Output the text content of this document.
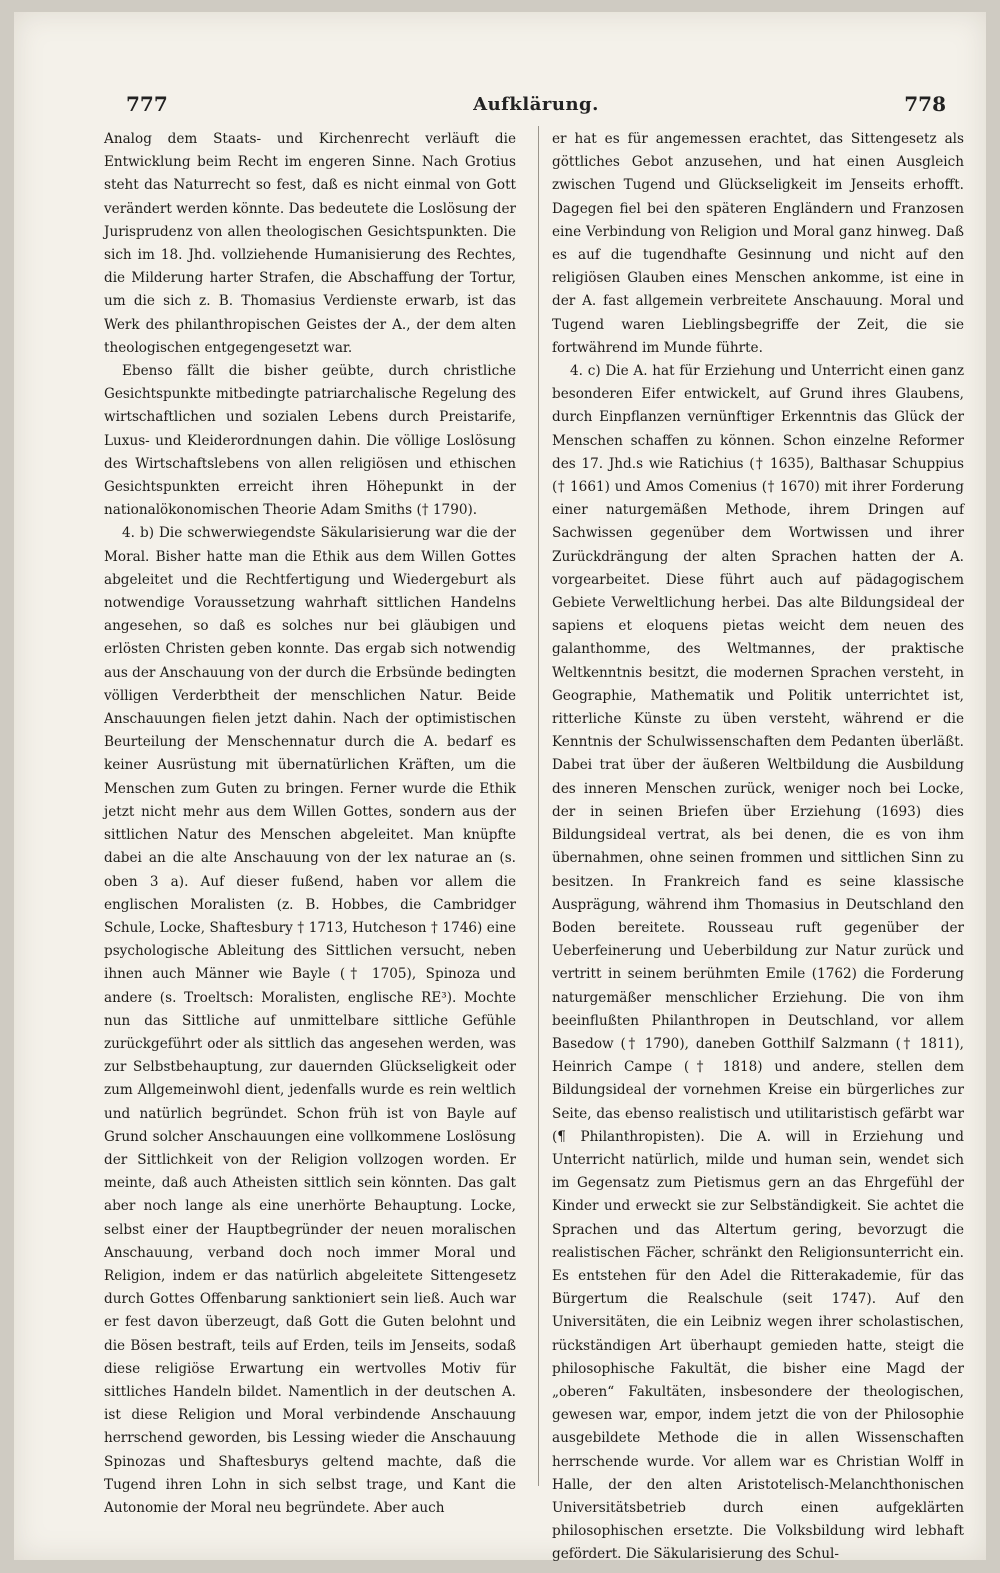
777	Aufklärung.	778

Analog dem Staats- und Kirchenrecht verläuft die Entwicklung beim Recht im engeren Sinne. Nach Grotius steht das Naturrecht so fest, daß es nicht einmal von Gott verändert werden könnte. Das bedeutete die Loslösung der Jurisprudenz von allen theologischen Gesichtspunkten. Die sich im 18. Jhd. vollziehende Humanisierung des Rechtes, die Milderung harter Strafen, die Abschaffung der Tortur, um die sich z. B. Thomasius Verdienste erwarb, ist das Werk des philanthropischen Geistes der A., der dem alten theologischen entgegengesetzt war.

Ebenso fällt die bisher geübte, durch christliche Gesichtspunkte mitbedingte patriarchalische Regelung des wirtschaftlichen und sozialen Lebens durch Preistarife, Luxus- und Kleiderordnungen dahin. Die völlige Loslösung des Wirtschaftslebens von allen religiösen und ethischen Gesichtspunkten erreicht ihren Höhepunkt in der nationalökonomischen Theorie Adam Smiths († 1790).

4. b) Die schwerwiegendste Säkularisierung war die der Moral. Bisher hatte man die Ethik aus dem Willen Gottes abgeleitet und die Rechtfertigung und Wiedergeburt als notwendige Voraussetzung wahrhaft sittlichen Handelns angesehen, so daß es solches nur bei gläubigen und erlösten Christen geben konnte. Das ergab sich notwendig aus der Anschauung von der durch die Erbsünde bedingten völligen Verderbtheit der menschlichen Natur. Beide Anschauungen fielen jetzt dahin. Nach der optimistischen Beurteilung der Menschennatur durch die A. bedarf es keiner Ausrüstung mit übernatürlichen Kräften, um die Menschen zum Guten zu bringen. Ferner wurde die Ethik jetzt nicht mehr aus dem Willen Gottes, sondern aus der sittlichen Natur des Menschen abgeleitet. Man knüpfte dabei an die alte Anschauung von der lex naturae an (s. oben 3 a). Auf dieser fußend, haben vor allem die englischen Moralisten (z. B. Hobbes, die Cambridger Schule, Locke, Shaftesbury † 1713, Hutcheson † 1746) eine psychologische Ableitung des Sittlichen versucht, neben ihnen auch Männer wie Bayle († 1705), Spinoza und andere (s. Troeltsch: Moralisten, englische RE³). Mochte nun das Sittliche auf unmittelbare sittliche Gefühle zurückgeführt oder als sittlich das angesehen werden, was zur Selbstbehauptung, zur dauernden Glückseligkeit oder zum Allgemeinwohl dient, jedenfalls wurde es rein weltlich und natürlich begründet. Schon früh ist von Bayle auf Grund solcher Anschauungen eine vollkommene Loslösung der Sittlichkeit von der Religion vollzogen worden. Er meinte, daß auch Atheisten sittlich sein könnten. Das galt aber noch lange als eine unerhörte Behauptung. Locke, selbst einer der Hauptbegründer der neuen moralischen Anschauung, verband doch noch immer Moral und Religion, indem er das natürlich abgeleitete Sittengesetz durch Gottes Offenbarung sanktioniert sein ließ. Auch war er fest davon überzeugt, daß Gott die Guten belohnt und die Bösen bestraft, teils auf Erden, teils im Jenseits, sodaß diese religiöse Erwartung ein wertvolles Motiv für sittliches Handeln bildet. Namentlich in der deutschen A. ist diese Religion und Moral verbindende Anschauung herrschend geworden, bis Lessing wieder die Anschauung Spinozas und Shaftesburys geltend machte, daß die Tugend ihren Lohn in sich selbst trage, und Kant die Autonomie der Moral neu begründete. Aber auch

er hat es für angemessen erachtet, das Sittengesetz als göttliches Gebot anzusehen, und hat einen Ausgleich zwischen Tugend und Glückseligkeit im Jenseits erhofft. Dagegen fiel bei den späteren Engländern und Franzosen eine Verbindung von Religion und Moral ganz hinweg. Daß es auf die tugendhafte Gesinnung und nicht auf den religiösen Glauben eines Menschen ankomme, ist eine in der A. fast allgemein verbreitete Anschauung. Moral und Tugend waren Lieblingsbegriffe der Zeit, die sie fortwährend im Munde führte.

4. c) Die A. hat für Erziehung und Unterricht einen ganz besonderen Eifer entwickelt, auf Grund ihres Glaubens, durch Einpflanzen vernünftiger Erkenntnis das Glück der Menschen schaffen zu können. Schon einzelne Reformer des 17. Jhd.s wie Ratichius († 1635), Balthasar Schuppius († 1661) und Amos Comenius († 1670) mit ihrer Forderung einer naturgemäßen Methode, ihrem Dringen auf Sachwissen gegenüber dem Wortwissen und ihrer Zurückdrängung der alten Sprachen hatten der A. vorgearbeitet. Diese führt auch auf pädagogischem Gebiete Verweltlichung herbei. Das alte Bildungsideal der sapiens et eloquens pietas weicht dem neuen des galanthomme, des Weltmannes, der praktische Weltkenntnis besitzt, die modernen Sprachen versteht, in Geographie, Mathematik und Politik unterrichtet ist, ritterliche Künste zu üben versteht, während er die Kenntnis der Schulwissenschaften dem Pedanten überläßt. Dabei trat über der äußeren Weltbildung die Ausbildung des inneren Menschen zurück, weniger noch bei Locke, der in seinen Briefen über Erziehung (1693) dies Bildungsideal vertrat, als bei denen, die es von ihm übernahmen, ohne seinen frommen und sittlichen Sinn zu besitzen. In Frankreich fand es seine klassische Ausprägung, während ihm Thomasius in Deutschland den Boden bereitete. Rousseau ruft gegenüber der Ueberfeinerung und Ueberbildung zur Natur zurück und vertritt in seinem berühmten Emile (1762) die Forderung naturgemäßer menschlicher Erziehung. Die von ihm beeinflußten Philanthropen in Deutschland, vor allem Basedow († 1790), daneben Gotthilf Salzmann († 1811), Heinrich Campe († 1818) und andere, stellen dem Bildungsideal der vornehmen Kreise ein bürgerliches zur Seite, das ebenso realistisch und utilitaristisch gefärbt war (¶ Philanthropisten). Die A. will in Erziehung und Unterricht natürlich, milde und human sein, wendet sich im Gegensatz zum Pietismus gern an das Ehrgefühl der Kinder und erweckt sie zur Selbständigkeit. Sie achtet die Sprachen und das Altertum gering, bevorzugt die realistischen Fächer, schränkt den Religionsunterricht ein. Es entstehen für den Adel die Ritterakademie, für das Bürgertum die Realschule (seit 1747). Auf den Universitäten, die ein Leibniz wegen ihrer scholastischen, rückständigen Art überhaupt gemieden hatte, steigt die philosophische Fakultät, die bisher eine Magd der „oberen“ Fakultäten, insbesondere der theologischen, gewesen war, empor, indem jetzt die von der Philosophie ausgebildete Methode die in allen Wissenschaften herrschende wurde. Vor allem war es Christian Wolff in Halle, der den alten Aristotelisch-Melanchthonischen Universitätsbetrieb durch einen aufgeklärten philosophischen ersetzte. Die Volksbildung wird lebhaft gefördert. Die Säkularisierung des Schul-
